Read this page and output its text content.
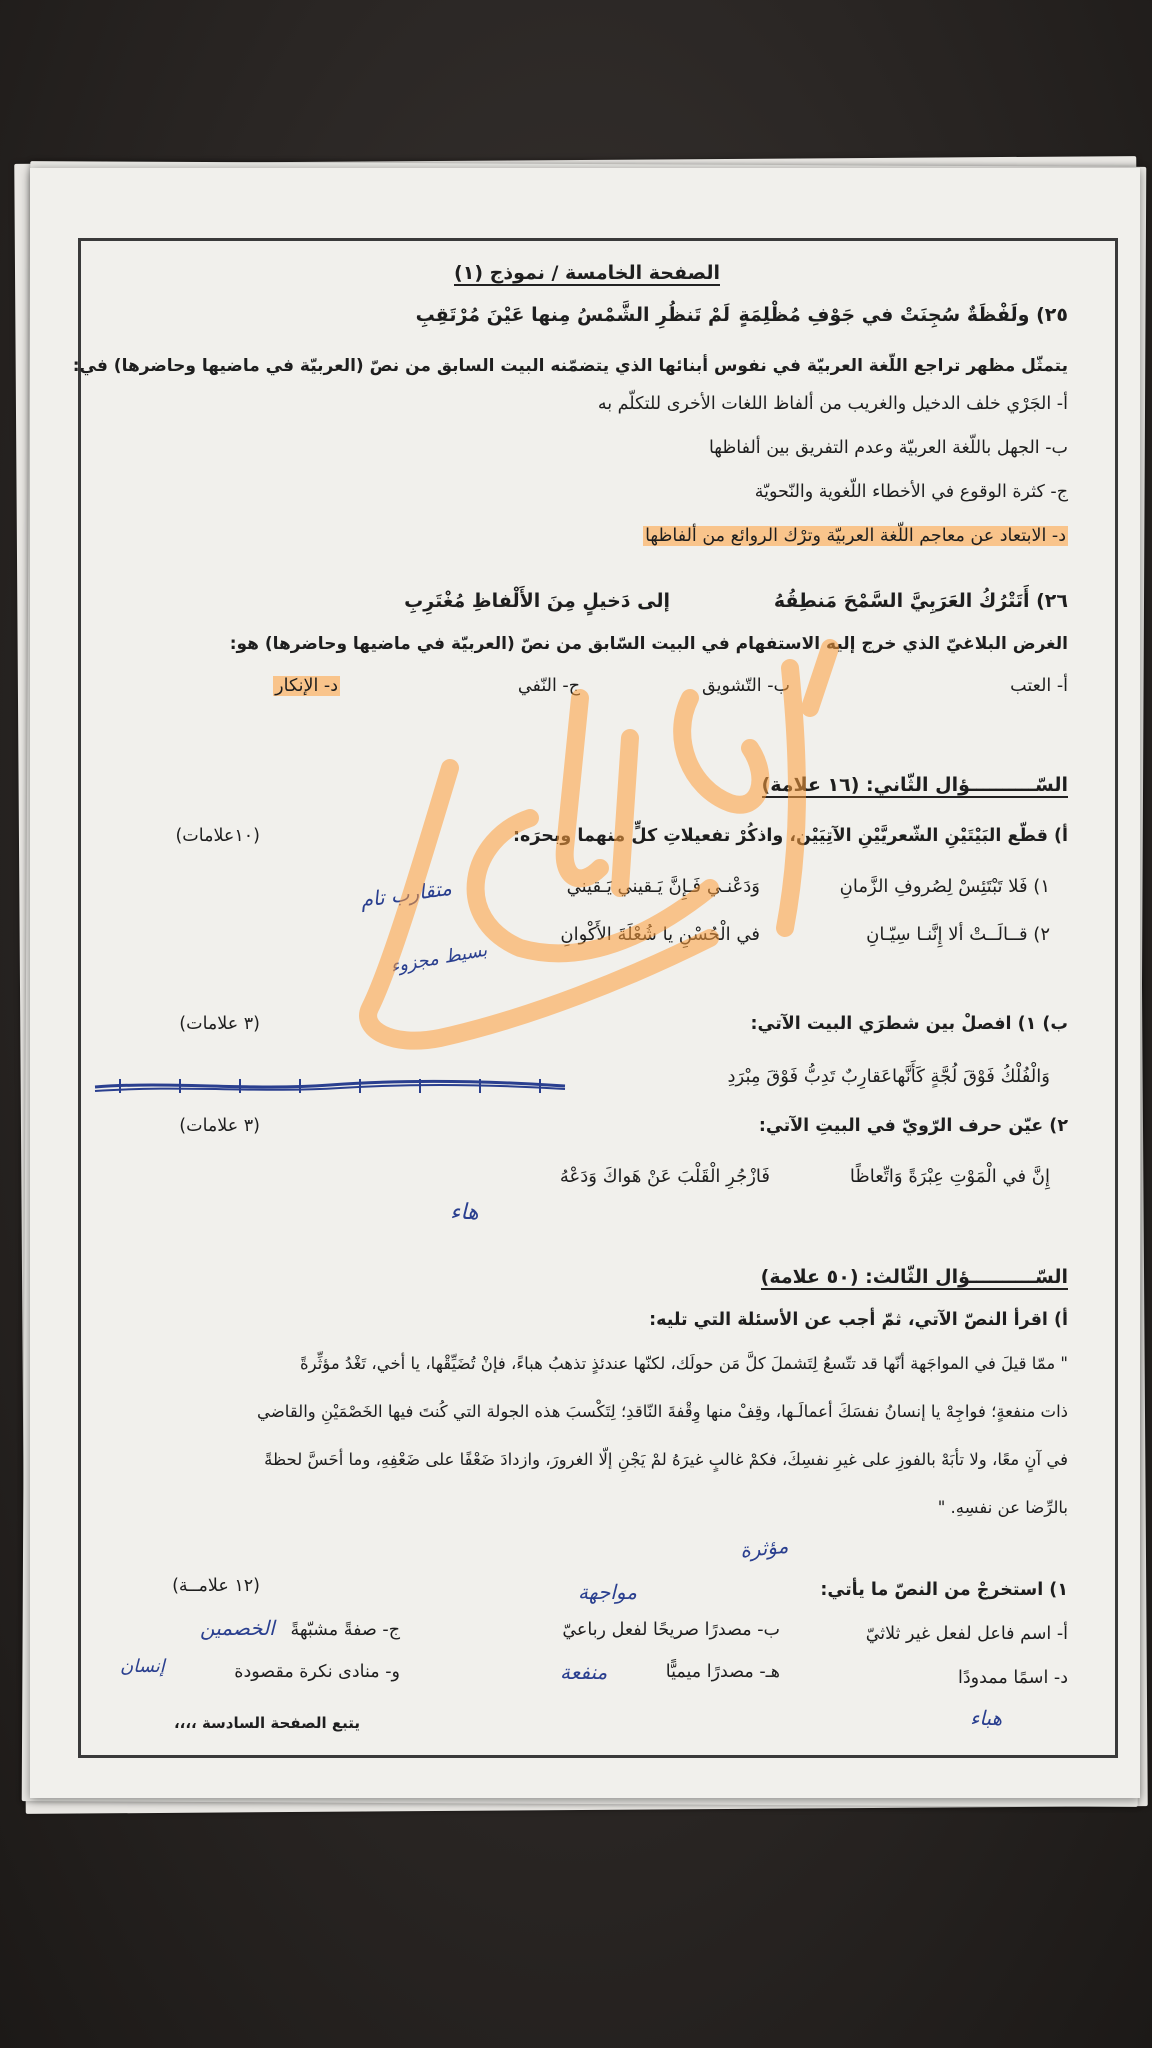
الصفحة الخامسة / نموذج (١)
٢٥) ولَفْظَةٌ سُجِنَتْ في جَوْفِ مُظْلِمَةٍ
لَمْ تَنظُرِ الشَّمْسُ مِنها عَيْنَ مُرْتَقِبِ
يتمثّل مظهر تراجع اللّغة العربيّة في نفوس أبنائها الذي يتضمّنه البيت السابق من نصّ (العربيّة في ماضيها وحاضرها) في:
أ- الجَرْي خلف الدخيل والغريب من ألفاظ اللغات الأخرى للتكلّم به
ب- الجهل باللّغة العربيّة وعدم التفريق بين ألفاظها
ج- كثرة الوقوع في الأخطاء اللّغوية والنّحويّة
د- الابتعاد عن معاجم اللّغة العربيّة وترْك الروائع من ألفاظها
٢٦) أَتَتْرُكُ العَرَبِيَّ السَّمْحَ مَنطِقُهُ
إلى دَخيلٍ مِنَ الأَلْفاظِ مُغْتَرِبِ
الغرض البلاغيّ الذي خرج إليه الاستفهام في البيت السّابق من نصّ (العربيّة في ماضيها وحاضرها) هو:
أ- العتب
ب- التّشويق
ج- النّفي
د- الإنكار
السّــــــــــؤال الثّاني: (١٦ علامة)
أ) قطّع البَيْتَيْنِ الشّعريَّيْنِ الآتِيَيْن، واذكُرْ تفعيلاتِ كلٍّ منهما وبحرَه:
(١٠علامات)
١) فَلا تَبْتَئِسْ لِصُروفِ الزَّمانِ
وَدَعْنـي فَـإِنَّ يَـقيني يَـقيني
٢) قــالَــتْ ألا إِنَّنـا سِيّـانِ
في الْحُسْنِ يا شُعْلَةَ الأَكْوانِ
ب) ١) افصلْ بين شطرَي البيت الآتي:
(٣ علامات)
وَالْفُلْكُ فَوْقَ لُجَّةٍ كَأَنَّهاعَقارِبٌ تَدِبُّ فَوْقَ مِبْرَدِ
٢) عيّن حرف الرّويّ في البيتِ الآتي:
(٣ علامات)
إِنَّ في الْمَوْتِ عِبْرَةً وَاتِّعاظًا
فَازْجُرِ الْقَلْبَ عَنْ هَواكَ وَدَعْهُ
السّــــــــــؤال الثّالث: (٥٠ علامة)
أ) اقرأ النصّ الآتي، ثمّ أجب عن الأسئلة التي تليه:
" ممّا قيلَ في المواجَهة أنّها قد تتّسعُ لِتَشملَ كلَّ مَن حولَك، لكنّها عندئذٍ تذهبُ هباءً، فإنْ تُضَيِّقْها، يا أخي، تَغْدُ مؤثِّرةً
ذات منفعةٍ؛ فواجِهْ يا إنسانُ نفسَكَ أعمالَـها، وقِفْ منها وِقْفةَ النّاقدِ؛ لِتَكْسبَ هذه الجولة التي كُنتَ فيها الخَصْمَيْنِ والقاضي
في آنٍ معًا، ولا تأبَهْ بالفوزِ على غيرِ نفسِكَ، فكمْ غالبٍ غيرَهُ لمْ يَجْنِ إلّا الغرورَ، وازدادَ ضَعْفًا على ضَعْفِهِ، وما أحَسَّ لحظةً
بالرِّضا عن نفسِهِ. "
١) استخرجْ من النصّ ما يأتي:
(١٢ علامــة)
أ- اسم فاعل لفعل غير ثلاثيّ
ب- مصدرًا صريحًا لفعل رباعيّ
ج- صفةً مشبّهةً
د- اسمًا ممدودًا
هـ- مصدرًا ميميًّا
و- منادى نكرة مقصودة
يتبع الصفحة السادسة ،،،،
متقارب تام
بسيط مجزوء
هاء
مؤثرة
مواجهة
الخصمين
هباء
منفعة
إنسان
